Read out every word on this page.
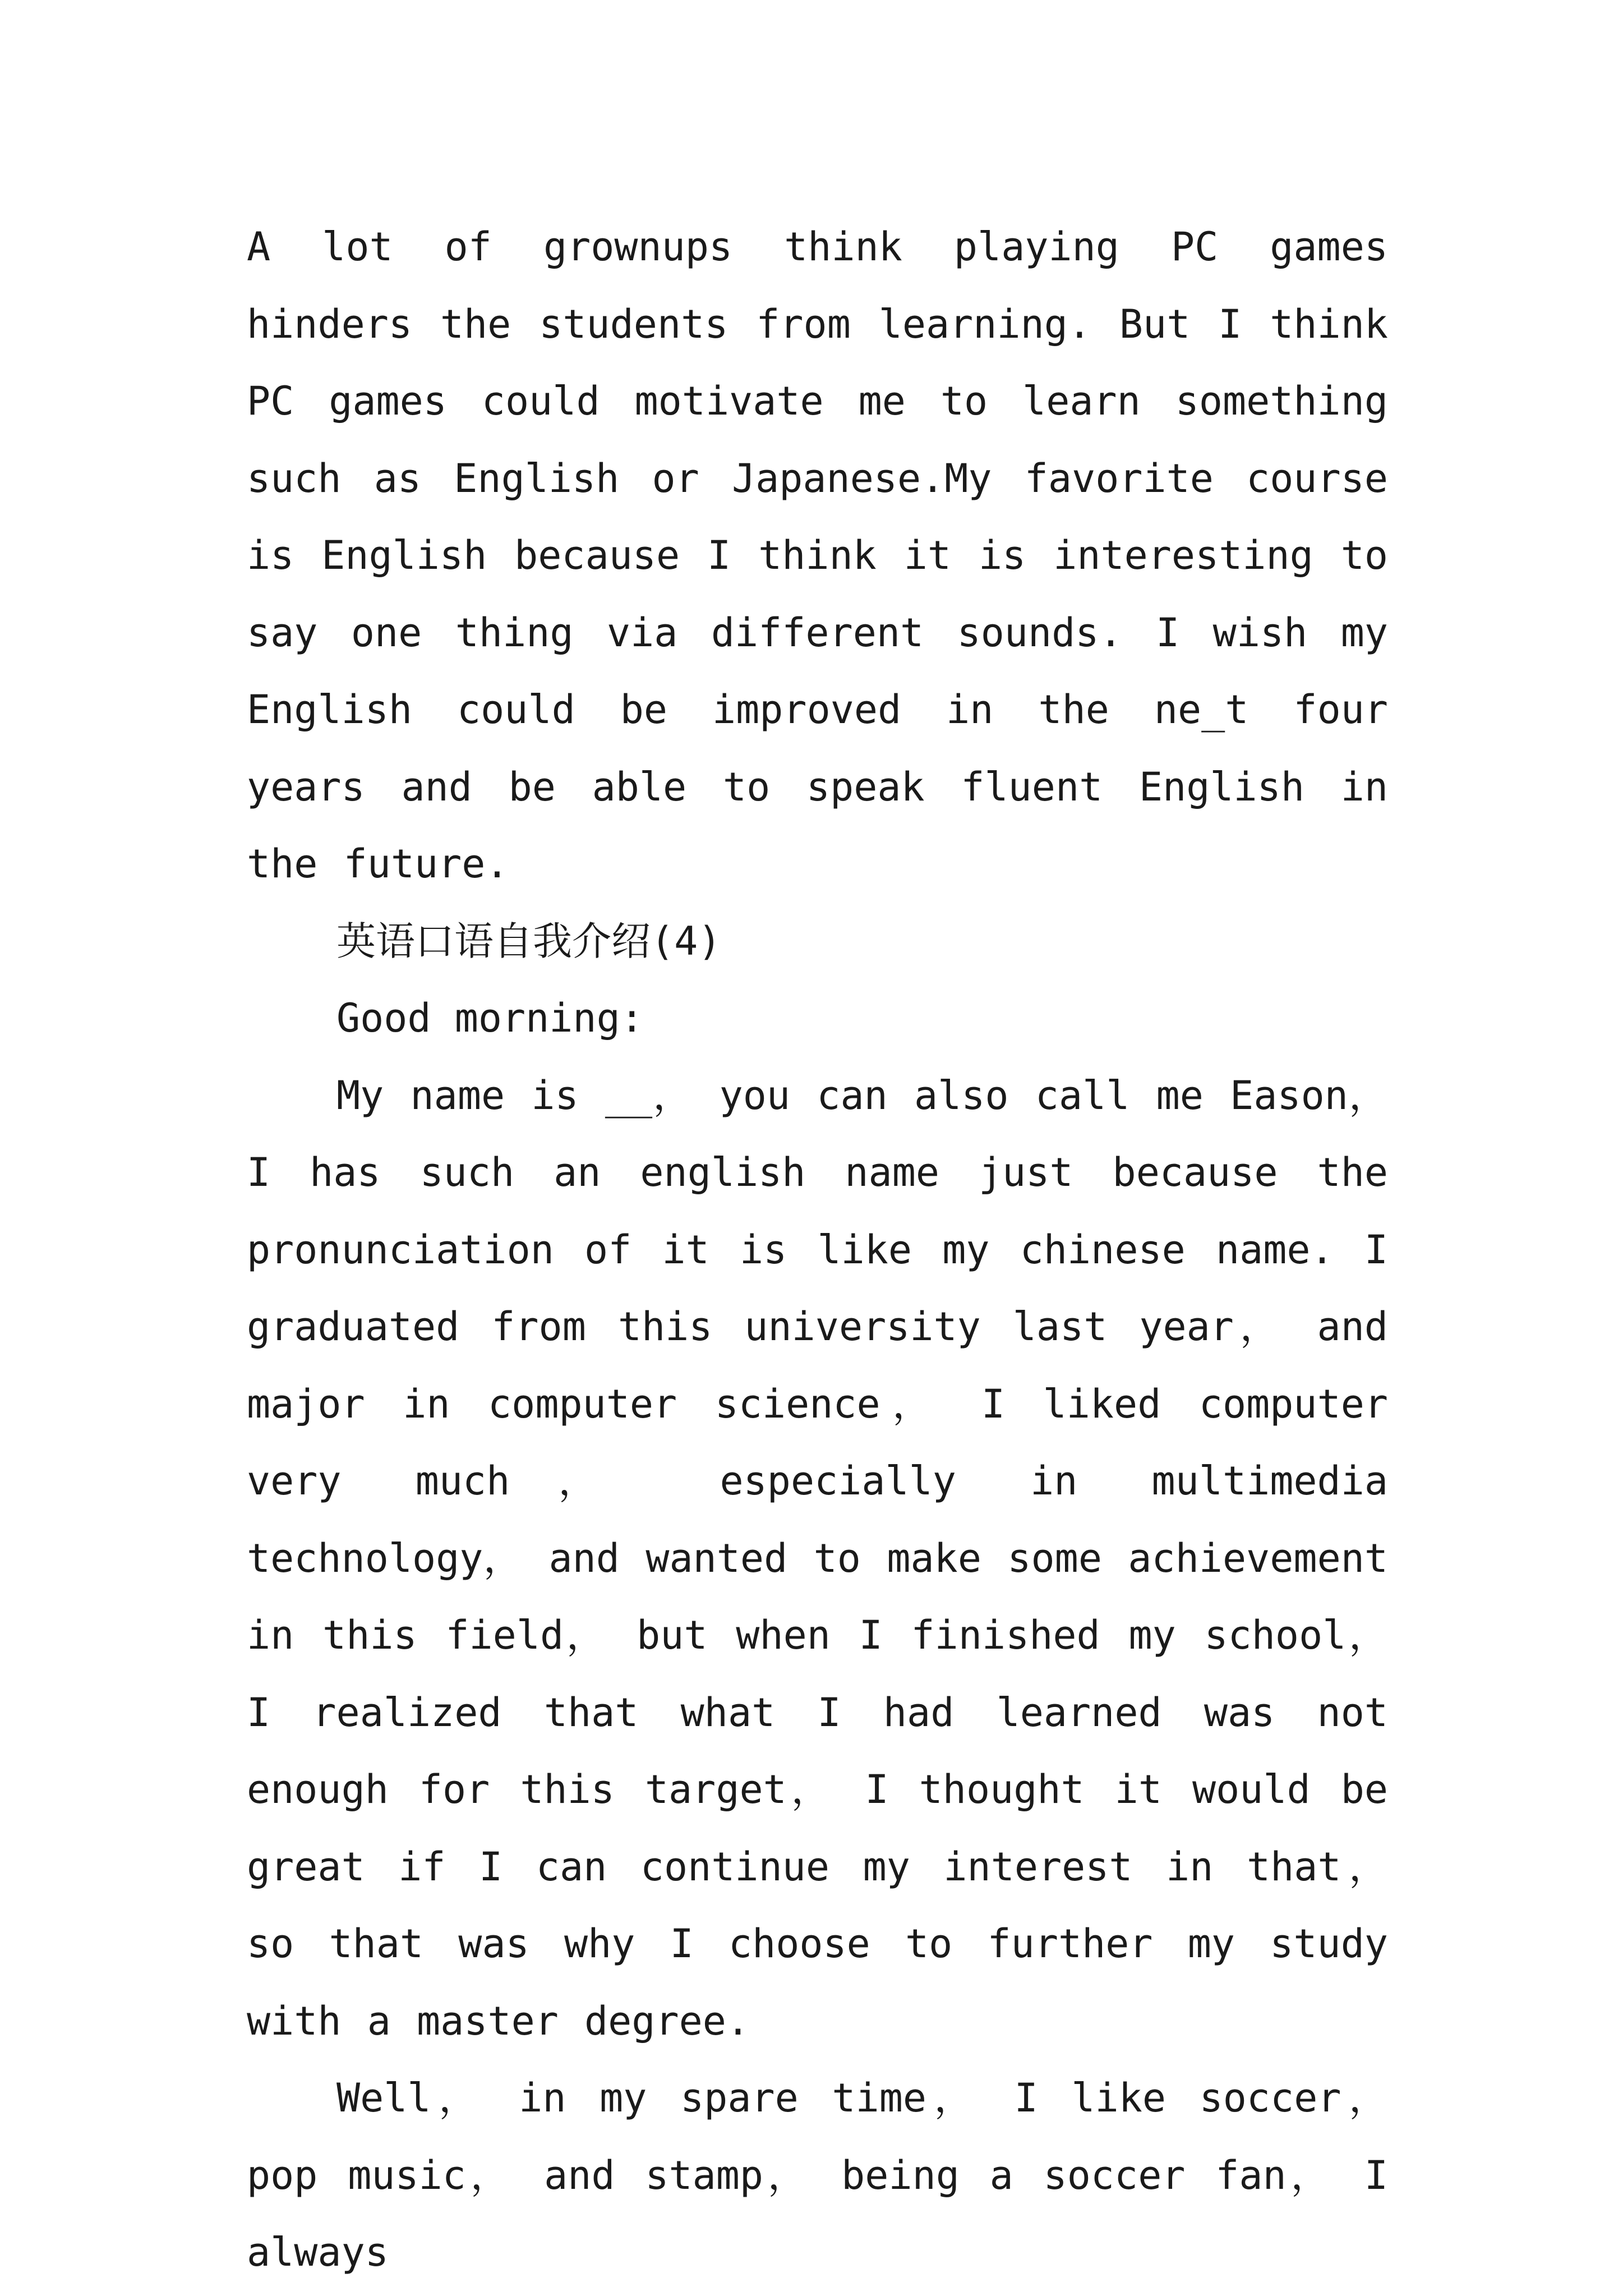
A lot of grownups think playing PC games hinders the students from learning. But I think PC games could motivate me to learn something such as English or Japanese.My favorite course is English because I think it is interesting to say one thing via different sounds. I wish my English could be improved in the ne_t four years and be able to speak fluent English in the future.

英语口语自我介绍(4)

Good morning:

My name is __， you can also call me Eason，I has such an english name just because the pronunciation of it is like my chinese name. I graduated from this university last year， and major in computer science， I liked computer very much， especially in multimedia technology， and wanted to make some achievement in this field， but when I finished my school， I realized that what I had learned was not enough for this target， I thought it would be great if I can continue my interest in that， so that was why I choose to further my study with a master degree.

Well， in my spare time， I like soccer， pop music， and stamp， being a soccer fan， I always
